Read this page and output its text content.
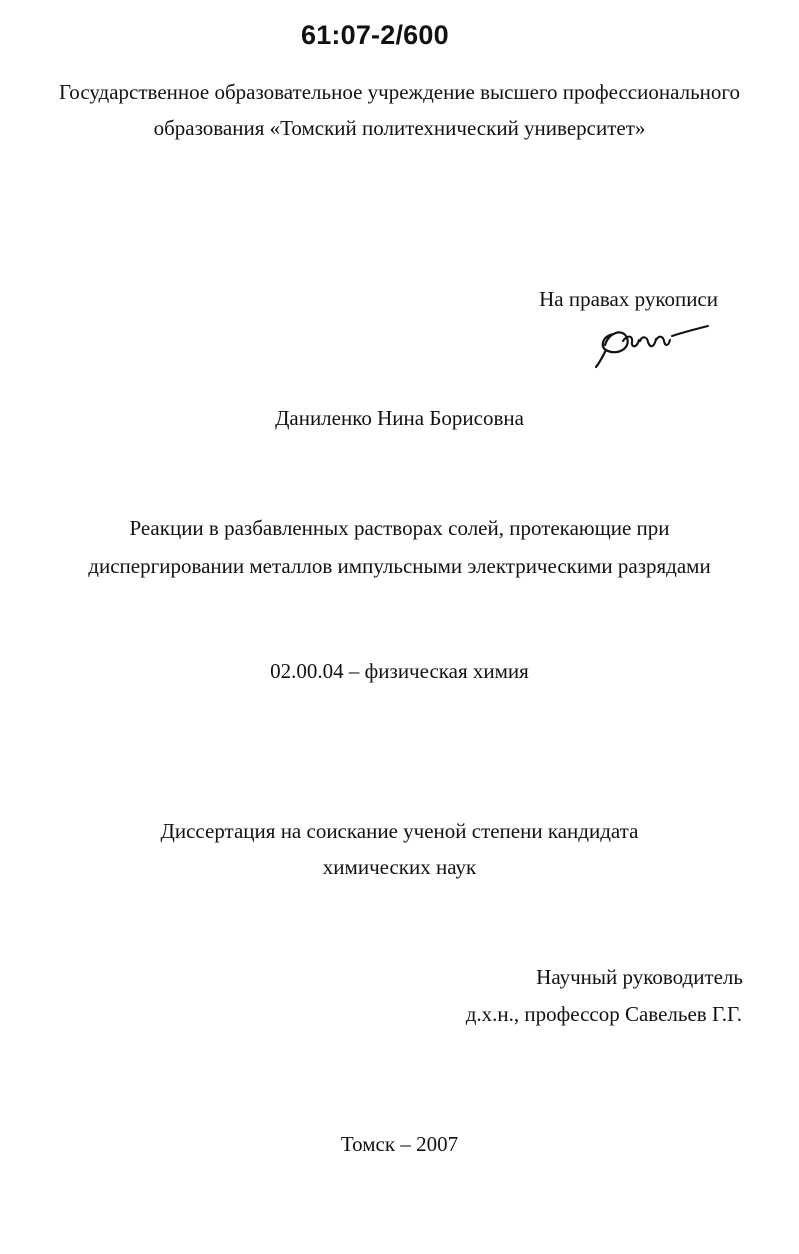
61:07-2/600
Государственное образовательное учреждение высшего профессионального
образования «Томский политехнический университет»
На правах рукописи
Даниленко Нина Борисовна
Реакции в разбавленных растворах солей, протекающие при
диспергировании металлов импульсными электрическими разрядами
02.00.04 – физическая химия
Диссертация на соискание ученой степени кандидата
химических наук
Научный руководитель
д.х.н., профессор Савельев Г.Г.
Томск – 2007
